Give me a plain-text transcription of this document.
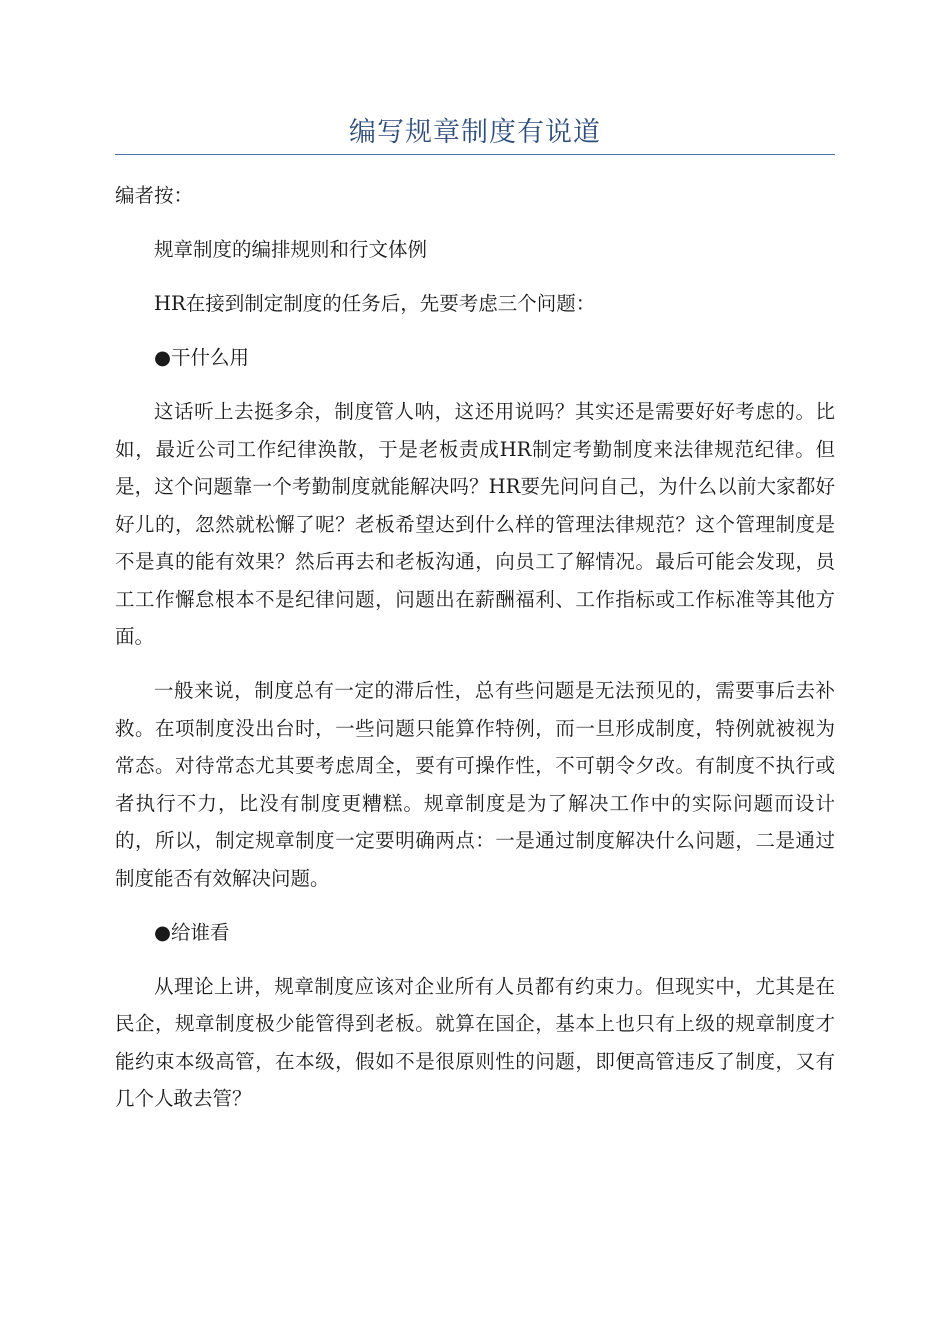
编写规章制度有说道

编者按：

规章制度的编排规则和行文体例

HR在接到制定制度的任务后，先要考虑三个问题：

●干什么用

这话听上去挺多余，制度管人呐，这还用说吗？其实还是需要好好考虑的。比如，最近公司工作纪律涣散，于是老板责成HR制定考勤制度来法律规范纪律。但是，这个问题靠一个考勤制度就能解决吗？HR要先问问自己，为什么以前大家都好好儿的，忽然就松懈了呢？老板希望达到什么样的管理法律规范？这个管理制度是不是真的能有效果？然后再去和老板沟通，向员工了解情况。最后可能会发现，员工工作懈怠根本不是纪律问题，问题出在薪酬福利、工作指标或工作标准等其他方面。

一般来说，制度总有一定的滞后性，总有些问题是无法预见的，需要事后去补救。在项制度没出台时，一些问题只能算作特例，而一旦形成制度，特例就被视为常态。对待常态尤其要考虑周全，要有可操作性，不可朝令夕改。有制度不执行或者执行不力，比没有制度更糟糕。规章制度是为了解决工作中的实际问题而设计的，所以，制定规章制度一定要明确两点：一是通过制度解决什么问题，二是通过制度能否有效解决问题。

●给谁看

从理论上讲，规章制度应该对企业所有人员都有约束力。但现实中，尤其是在民企，规章制度极少能管得到老板。就算在国企，基本上也只有上级的规章制度才能约束本级高管，在本级，假如不是很原则性的问题，即便高管违反了制度，又有几个人敢去管？
